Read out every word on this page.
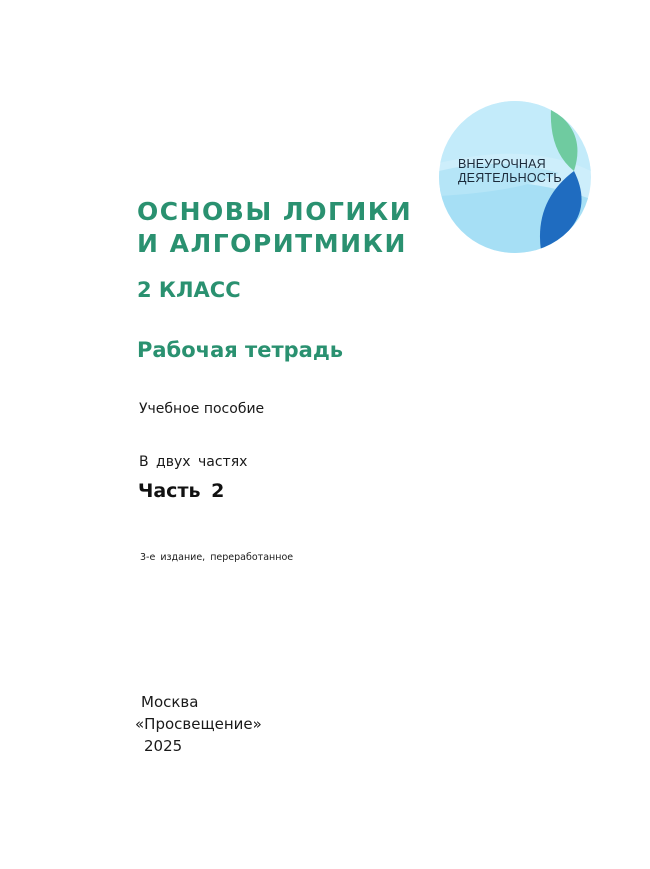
ВНЕУРОЧНАЯ
ДЕЯТЕЛЬНОСТЬ
ОСНОВЫ ЛОГИКИ
И АЛГОРИТМИКИ
2 КЛАСС
Рабочая тетрадь
Учебное пособие
В двух частях
Часть 2
3-е издание, переработанное
Москва
«Просвещение»
2025
